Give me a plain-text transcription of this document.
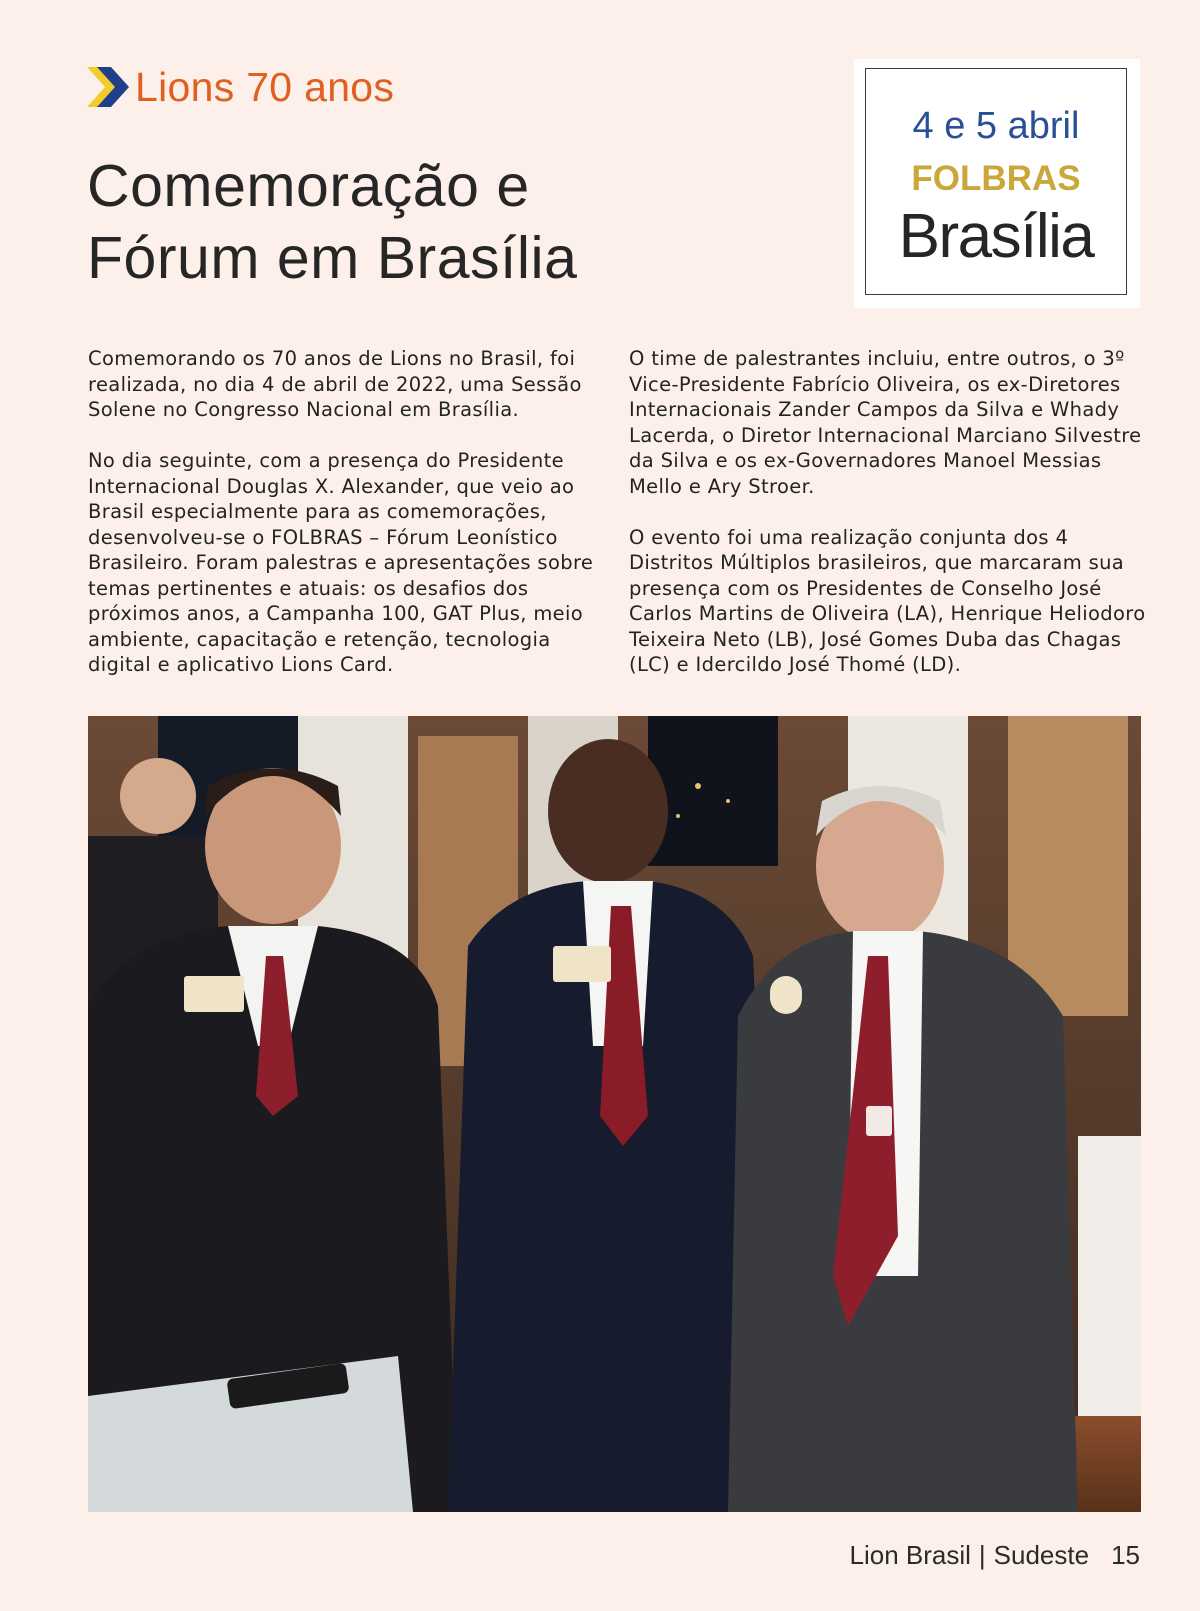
Lions 70 anos
Comemoração e
Fórum em Brasília
4 e 5 abril
FOLBRAS
Brasília

Comemorando os 70 anos de Lions no Brasil, foi realizada, no dia 4 de abril de 2022, uma Sessão Solene no Congresso Nacional em Brasília.

No dia seguinte, com a presença do Presidente Internacional Douglas X. Alexander, que veio ao Brasil especialmente para as comemorações, desenvolveu-se o FOLBRAS – Fórum Leonístico Brasileiro. Foram palestras e apresentações sobre temas pertinentes e atuais: os desafios dos próximos anos, a Campanha 100, GAT Plus, meio ambiente, capacitação e retenção, tecnologia digital e aplicativo Lions Card.

O time de palestrantes incluiu, entre outros, o 3º Vice-Presidente Fabrício Oliveira, os ex-Diretores Internacionais Zander Campos da Silva e Whady Lacerda, o Diretor Internacional Marciano Silvestre da Silva e os ex-Governadores Manoel Messias Mello e Ary Stroer.

O evento foi uma realização conjunta dos 4 Distritos Múltiplos brasileiros, que marcaram sua presença com os Presidentes de Conselho José Carlos Martins de Oliveira (LA), Henrique Heliodoro Teixeira Neto (LB), José Gomes Duba das Chagas (LC) e Idercildo José Thomé (LD).

Lion Brasil | Sudeste 15
